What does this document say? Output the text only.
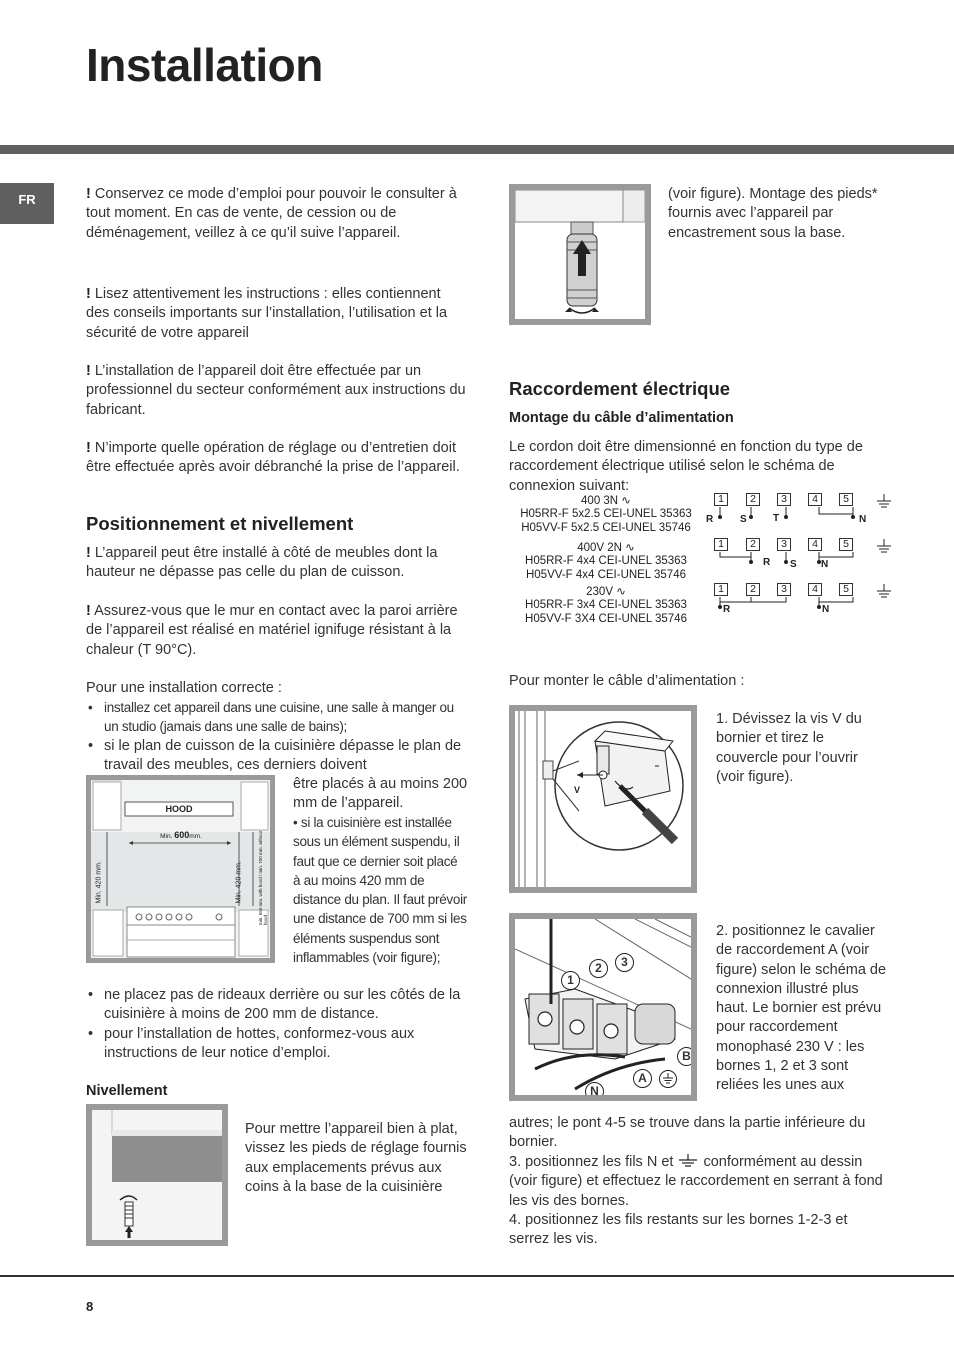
Installation
FR	! Conservez ce mode d’emploi pour pouvoir le consulter à tout moment. En cas de vente, de cession ou de déménagement, veillez à ce qu’il suive l’appareil.

! Lisez attentivement les instructions : elles contiennent des conseils importants sur l’installation, l’utilisation et la sécurité de votre appareil

! L’installation de l’appareil doit être effectuée par un professionnel du secteur conformément aux instructions du fabricant.

! N’importe quelle opération de réglage ou d’entretien doit être effectuée après avoir débranché la prise de l’appareil.

Positionnement et nivellement

! L’appareil peut être installé à côté de meubles dont la hauteur ne dépasse pas celle du plan de cuisson.

! Assurez-vous que le mur en contact avec la paroi arrière de l’appareil est réalisé en matériel ignifuge résistant à la chaleur (T 90°C).

Pour une installation correcte :

• installez cet appareil dans une cuisine, une salle à manger ou un studio (jamais dans une salle de bains);
• si le plan de cuisson de la cuisinière dépasse le plan de travail des meubles, ces derniers doivent
HOOD
Min. 600mm.
Min. 420 mm.	Min. 420 mm.	min. 650 mm. with hood / min. 700 mm. without hood

être placés à au moins 200 mm de l’appareil.

• si la cuisinière est installée sous un élément suspendu, il faut que ce dernier soit placé à au moins 420 mm de distance du plan. Il faut prévoir une distance de 700 mm si les éléments suspendus sont inflammables (voir figure);

• ne placez pas de rideaux derrière ou sur les côtés de la cuisinière à moins de 200 mm de distance.
• pour l’installation de hottes, conformez-vous aux instructions de leur notice d’emploi.
Nivellement

Pour mettre l’appareil bien à plat, vissez les pieds de réglage fournis aux emplacements prévus aux coins à la base de la cuisinière

(voir figure). Montage des pieds* fournis avec l’appareil par encastrement sous la base.

Raccordement électrique
Montage du câble d’alimentation

Le cordon doit être dimensionné en fonction du type de raccordement électrique utilisé selon le schéma de connexion suivant:

400 3N ∿
H05RR-F 5x2.5 CEI-UNEL 35363
H05VV-F 5x2.5 CEI-UNEL 35746
400V 2N ∿
H05RR-F 4x4 CEI-UNEL 35363
H05VV-F 4x4 CEI-UNEL 35746
230V ∿
H05RR-F 3x4 CEI-UNEL 35363
H05VV-F 3X4 CEI-UNEL 35746
1 2 3 4 5
R	S	T	N
1 2 3 4 5
R S N
1 2 3 4 5
R	N

Pour monter le câble d’alimentation :

V

1. Dévissez la vis V du bornier et tirez le couvercle pour l’ouvrir (voir figure).

1
2	3
B
A
N

2. positionnez le cavalier de raccordement A (voir figure) selon le schéma de connexion illustré plus haut. Le bornier est prévu pour raccordement monophasé 230 V : les bornes 1, 2 et 3 sont reliées les unes aux

autres; le pont 4-5 se trouve dans la partie inférieure du bornier.

3. positionnez les fils N et conformément au dessin (voir figure) et effectuez le raccordement en serrant à fond les vis des bornes.

4. positionnez les fils restants sur les bornes 1-2-3 et serrez les vis.

8
